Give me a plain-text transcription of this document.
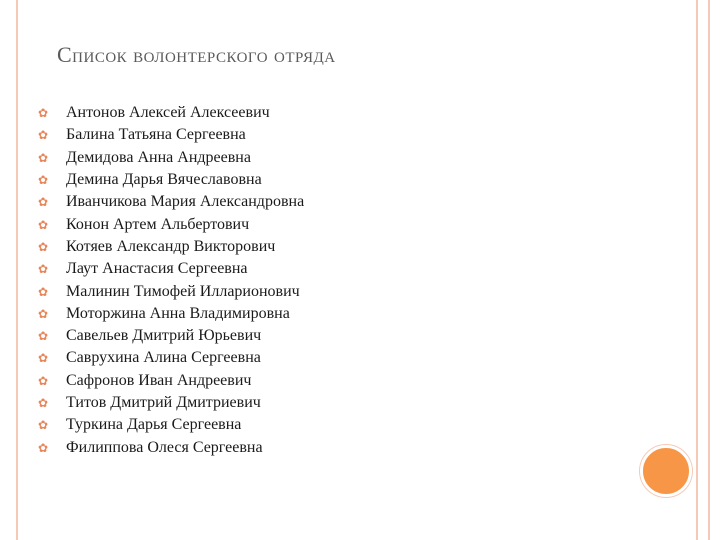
Список волонтерского отряда
✿ Антонов Алексей Алексеевич
✿ Балина Татьяна Сергеевна
✿ Демидова Анна Андреевна
✿ Демина Дарья Вячеславовна
✿ Иванчикова Мария Александровна
✿ Конон Артем Альбертович
✿ Котяев Александр Викторович
✿ Лаут Анастасия Сергеевна
✿ Малинин Тимофей Илларионович
✿ Моторжина Анна Владимировна
✿ Савельев Дмитрий Юрьевич
✿ Саврухина Алина Сергеевна
✿ Сафронов Иван Андреевич
✿ Титов Дмитрий Дмитриевич
✿ Туркина Дарья Сергеевна
✿ Филиппова Олеся Сергеевна
